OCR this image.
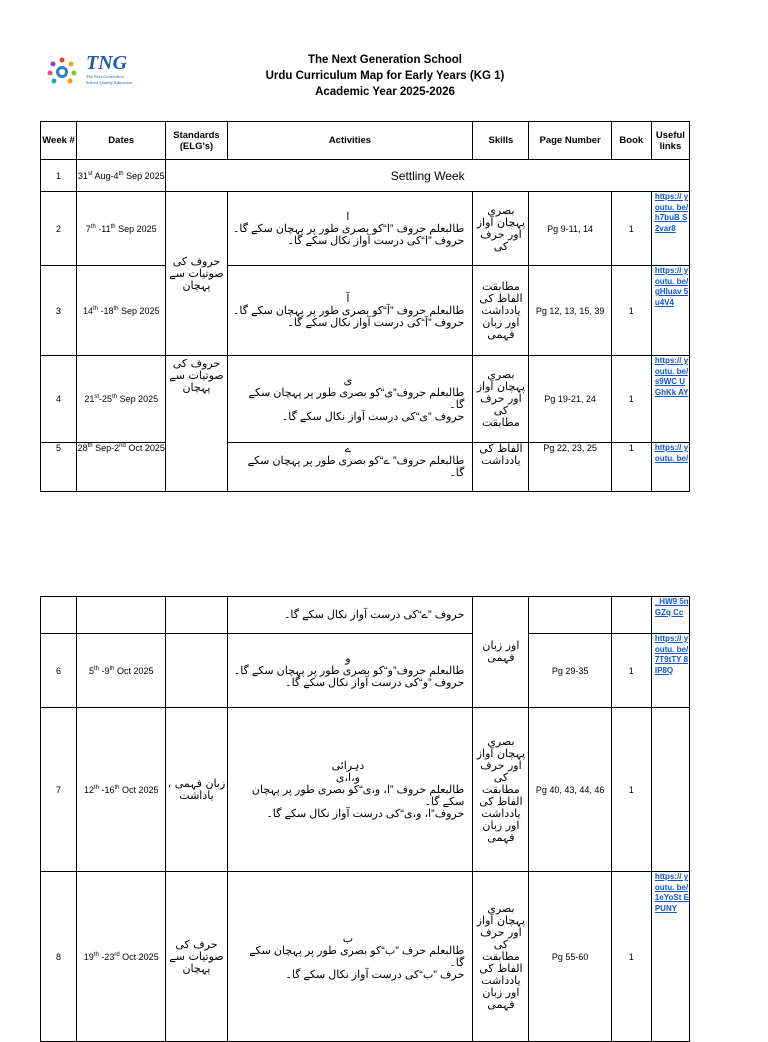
TNG
The Next Generation School Quality Education
The Next Generation School
Urdu Curriculum Map for Early Years (KG 1)
Academic Year 2025-2026
Week #	Dates	Standards (ELG's)	Activities	Skills	Page Number	Book	Useful links
1	31st Aug-4th Sep 2025	Settling Week					
2	7th -11th Sep 2025	حروف کی صوتیات سے پہچان	ا
طالبعلم حروف ”ا“کو بصری طور پر پہچان سکے گا۔
حروف ”ا“کی درست آواز نکال سکے گا۔	بصری پہچان آواز اور حرف کی	Pg 9-11, 14	1	https:// youtu. be/ h7buB S2var8
3	14th -18th Sep 2025		آ
طالبعلم حروف ”آ“کو بصری طور پر پہچان سکے گا۔
حروف ”آ“کی درست آواز نکال سکے گا۔	مطابقت الفاظ کی یادداشت اور زبان فہمی	Pg 12, 13, 15, 39	1	https:// youtu. be/ gHluav 5u4V4
4	21st-25th Sep 2025	حروف کی صوتیات سے پہچان	ی
طالبعلم حروف”ی“کو بصری طور پر پہچان سکے گا۔
حروف ”ی“کی درست آواز نکال سکے گا۔	بصری پہچان آواز اور حرف کی مطابقت	Pg 19-21, 24	1	https:// youtu. be/ s9WC UGhKk AY
5	28th Sep-2nd Oct 2025		ے
طالبعلم حروف” ے“کو بصری طور پر پہچان سکے گا۔	الفاظ کی یادداشت	Pg 22, 23, 25	1	https:// youtu. be/

			حروف ”ے“کی درست آواز نکال سکے گا۔	اور زبان فہمی			_HW9 5nGZq Cc
6	5th -9th Oct 2025		و
طالبعلم حروف”و“کو بصری طور پر پہچان سکے گا۔
حروف ”و“کی درست آواز نکال سکے گا۔		Pg 29-35	1	https:// youtu. be/ 7T9tTY 8lP8Q
7	12th -16th Oct 2025	زبان فہمی ، یاداشت	دہرائی
و،ا،ی
طالبعلم حروف ”ا، و،ی“کو بصری طور پر پہچان سکے گا۔
حروف”ا، و،ی“کی درست آواز نکال سکے گا۔	بصری پہچان آواز اور حرف کی مطابقت الفاظ کی یادداشت اور زبان فہمی	Pg 40, 43, 44, 46	1	
8	19th -23rd Oct 2025	حرف کی صوتیات سے پہچان	ب
طالبعلم حرف ”ب“کو بصری طور پر پہچان سکے گا۔
حرف ”ب“کی درست آواز نکال سکے گا۔	بصری پہچان آواز اور حرف کی مطابقت الفاظ کی یادداشت اور زبان فہمی	Pg 55-60	1	https:// youtu. be/ 1eYoSt EPUNY
